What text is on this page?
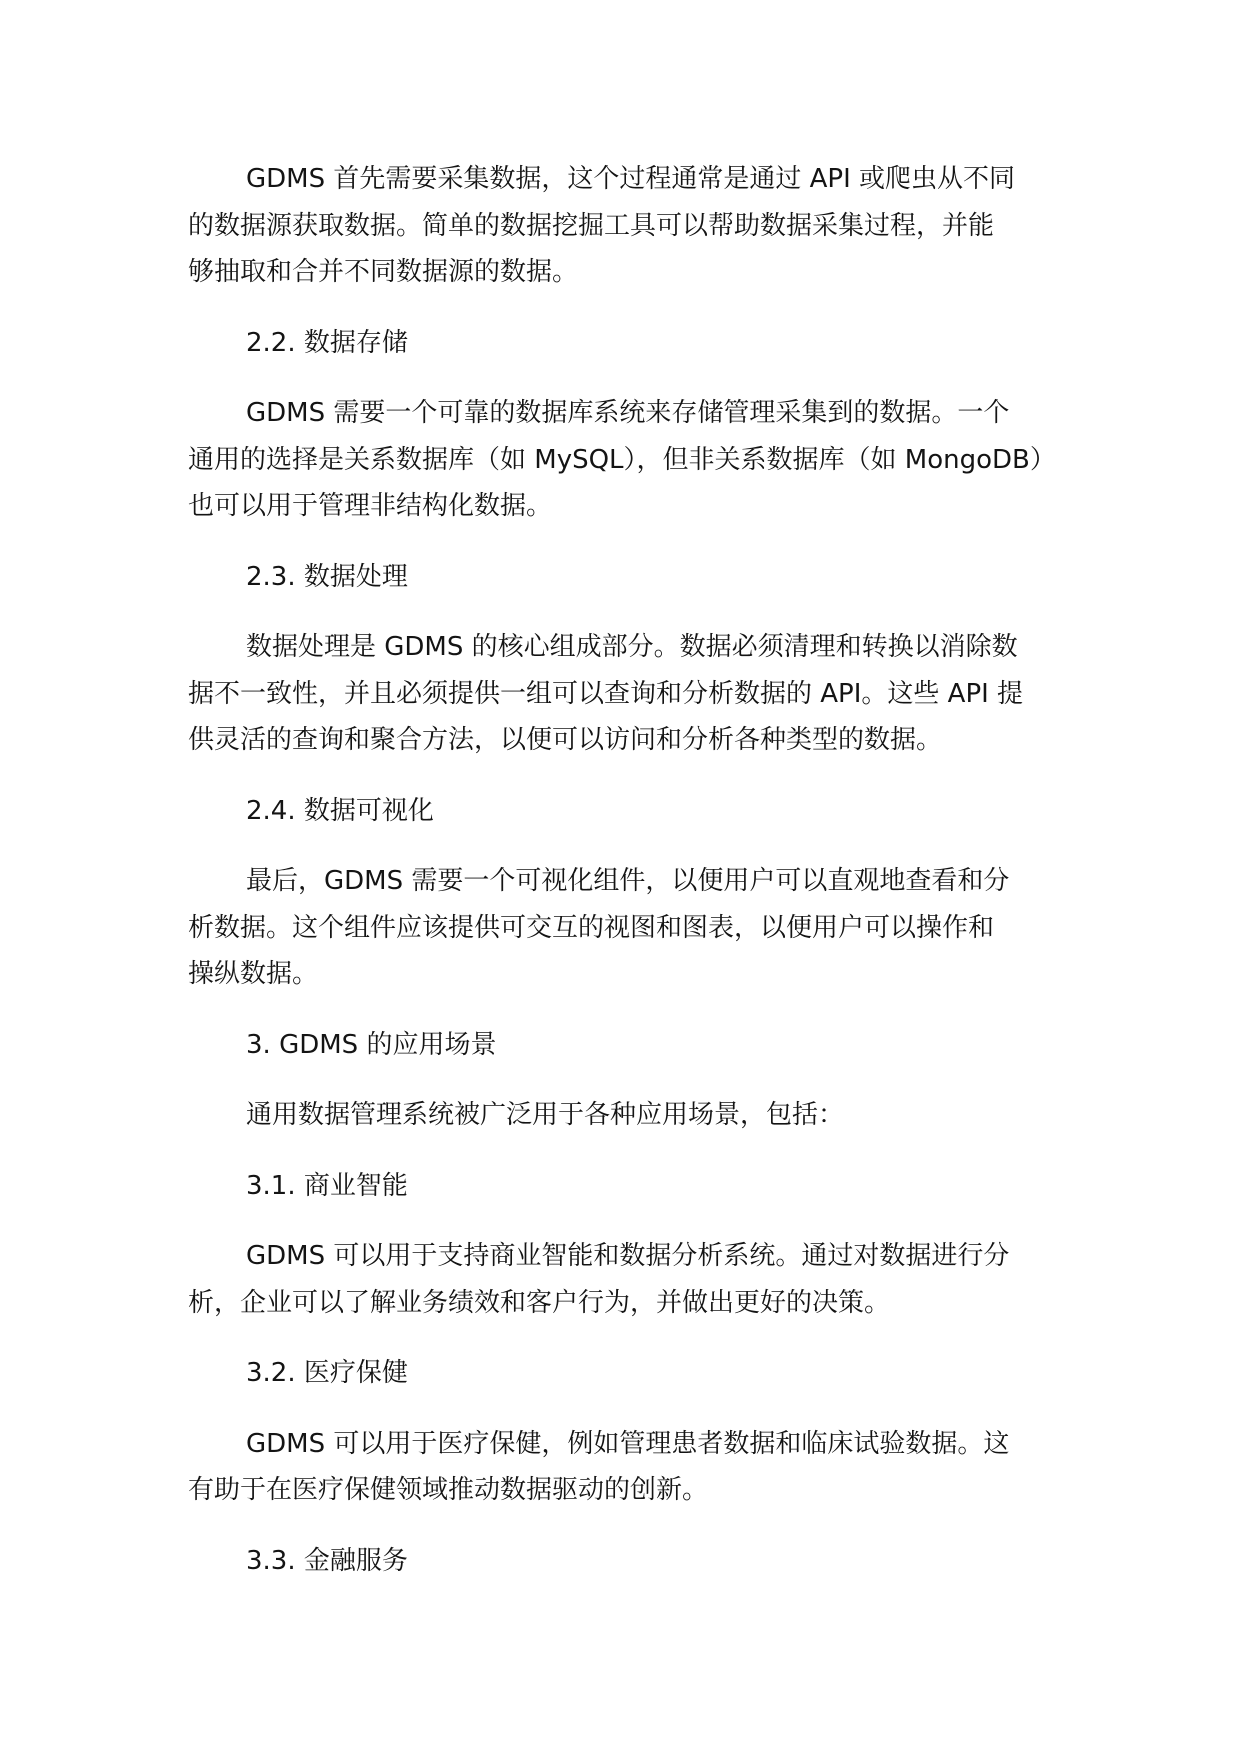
GDMS 首先需要采集数据，这个过程通常是通过 API 或爬虫从不同
的数据源获取数据。简单的数据挖掘工具可以帮助数据采集过程，并能
够抽取和合并不同数据源的数据。

2.2. 数据存储

GDMS 需要一个可靠的数据库系统来存储管理采集到的数据。一个
通用的选择是关系数据库（如 MySQL），但非关系数据库（如 MongoDB）
也可以用于管理非结构化数据。

2.3. 数据处理

数据处理是 GDMS 的核心组成部分。数据必须清理和转换以消除数
据不一致性，并且必须提供一组可以查询和分析数据的 API。这些 API 提
供灵活的查询和聚合方法，以便可以访问和分析各种类型的数据。

2.4. 数据可视化

最后，GDMS 需要一个可视化组件，以便用户可以直观地查看和分
析数据。这个组件应该提供可交互的视图和图表，以便用户可以操作和
操纵数据。

3. GDMS 的应用场景

通用数据管理系统被广泛用于各种应用场景，包括：

3.1. 商业智能

GDMS 可以用于支持商业智能和数据分析系统。通过对数据进行分
析，企业可以了解业务绩效和客户行为，并做出更好的决策。

3.2. 医疗保健

GDMS 可以用于医疗保健，例如管理患者数据和临床试验数据。这
有助于在医疗保健领域推动数据驱动的创新。

3.3. 金融服务
